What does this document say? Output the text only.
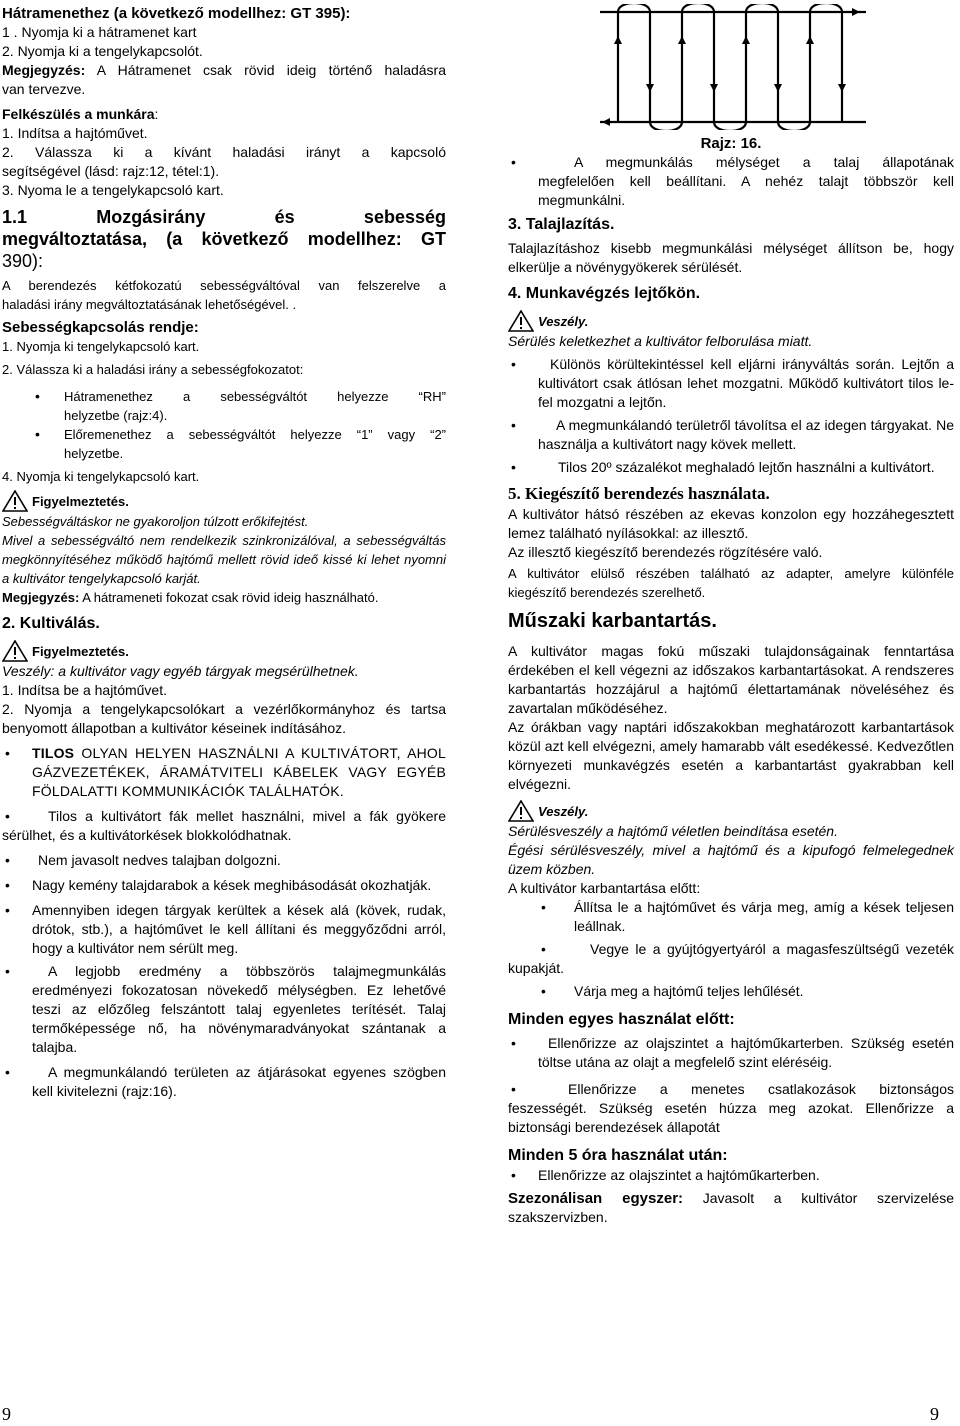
Hátramenethez (a következő modellhez: GT 395):

1 . Nyomja ki a hátramenet kart

2. Nyomja ki a tengelykapcsolót.

Megjegyzés: A Hátramenet csak rövid ideig történő haladásra

van tervezve.

Felkészülés a munkára:

1. Indítsa a hajtóművet.

2. Válassza ki a kívánt haladási irányt a kapcsoló

segítségével (lásd: rajz:12, tétel:1).

3. Nyoma le a tengelykapcsoló kart.

1.1 Mozgásirány és sebesség

megváltoztatása, (a következő modellhez: GT

390):

A berendezés kétfokozatú sebességváltóval van felszerelve a

haladási irány megváltoztatásának lehetőségével. .

Sebességkapcsolás rendje:

1. Nyomja ki tengelykapcsoló kart.

2. Válassza ki a haladási irány a sebességfokozatot:

• Hátramenethez a sebességváltót helyezze “RH”

helyzetbe (rajz:4).

• Előremenethez a sebességváltót helyezze “1” vagy “2”

helyzetbe.

4. Nyomja ki tengelykapcsoló kart.

Figyelmeztetés.

Sebességváltáskor ne gyakoroljon túlzott erőkifejtést.

Mivel a sebességváltó nem rendelkezik szinkronizálóval, a sebességváltás megkönnyítéséhez működő hajtómű mellett rövid ideő kissé ki lehet nyomni a kultivátor tengelykapcsoló karját.

Megjegyzés: A hátrameneti fokozat csak rövid ideig használható.

2. Kultiválás.

Figyelmeztetés.

Veszély: a kultivátor vagy egyéb tárgyak megsérülhetnek.

1. Indítsa be a hajtóművet.

2. Nyomja a tengelykapcsolókart a vezérlőkormányhoz és tartsa benyomott állapotban a kultivátor késeinek indításához.

• TILOS OLYAN HELYEN HASZNÁLNI A KULTIVÁTORT, AHOL GÁZVEZETÉKEK, ÁRAMÁTVITELI KÁBELEK VAGY EGYÉB FÖLDALATTI KOMMUNIKÁCIÓK TALÁLHATÓK.

•	Tilos a kultivátort fák mellet használni, mivel a fák gyökere sérülhet, és a kultivátorkések blokkolódhatnak.

•	Nem javasolt nedves talajban dolgozni.

• Nagy kemény talajdarabok a kések meghibásodását okozhatják.

• Amennyiben idegen tárgyak kerültek a kések alá (kövek, rudak, drótok, stb.), a hajtóművet le kell állítani és meggyőződni arról, hogy a kultivátor nem sérült meg.

•	A legjobb eredmény a többszörös talajmegmunkálás eredményezi fokozatosan növekedő mélységben. Ez lehetővé teszi az előzőleg felszántott talaj egyenletes terítését. Talaj termőképessége nő, ha növénymaradványokat szántanak a talajba.

•	A megmunkálandó területen az átjárásokat egyenes szögben kell kivitelezni (rajz:16).

Rajz: 16.

•	A megmunkálás mélységet a talaj állapotának

megfelelően kell beállítani. A nehéz talajt többször kell megmunkálni.

3. Talajlazítás.

Talajlazításhoz kisebb megmunkálási mélységet állítson be, hogy elkerülje a növénygyökerek sérülését.

4. Munkavégzés lejtőkön.

Veszély.

Sérülés keletkezhet a kultivátor felborulása miatt.

•	Különös körültekintéssel kell eljárni irányváltás során. Lejtőn a kultivátort csak átlósan lehet mozgatni. Működő kultivátort tilos le-fel mozgatni a lejtőn.

•	A megmunkálandó területről távolítsa el az idegen tárgyakat. Ne használja a kultivátort nagy kövek mellett.

•	Tilos 20º százalékot meghaladó lejtőn használni a kultivátort.

5. Kiegészítő berendezés használata.

A kultivátor hátsó részében az ekevas konzolon egy hozzáhegesztett lemez található nyílásokkal: az illesztő.

Az illesztő kiegészítő berendezés rögzítésére való.

A kultivátor elülső részében található az adapter, amelyre különféle kiegészítő berendezés szerelhető.

Műszaki karbantartás.

A kultivátor magas fokú műszaki tulajdonságainak fenntartása érdekében el kell végezni az időszakos karbantartásokat. A rendszeres karbantartás hozzájárul a hajtómű élettartamának növeléséhez és zavartalan működéséhez.

Az órákban vagy naptári időszakokban meghatározott karbantartások közül azt kell elvégezni, amely hamarabb vált esedékessé. Kedvezőtlen környezeti munkavégzés esetén a karbantartást gyakrabban kell elvégezni.

Veszély.

Sérülésveszély a hajtómű véletlen beindítása esetén.

Égési sérülésveszély, mivel a hajtómű és a kipufogó felmelegednek üzem közben.

A kultivátor karbantartása előtt:

•	Állítsa le a hajtóművet és várja meg, amíg a kések teljesen leállnak.

•	Vegye le a gyújtógyertyáról a magasfeszültségű vezeték kupakját.

•	Várja meg a hajtómű teljes lehűlését.

Minden egyes használat előtt:

•	Ellenőrizze az olajszintet a hajtóműkarterben. Szükség esetén töltse utána az olajt a megfelelő szint eléréséig.

•	Ellenőrizze a menetes csatlakozások biztonságos feszességét. Szükség esetén húzza meg azokat. Ellenőrizze a biztonsági berendezések állapotát

Minden 5 óra használat után:

• Ellenőrizze az olajszintet a hajtóműkarterben.

Szezonálisan egyszer: Javasolt a kultivátor szervizelése szakszervizben.

9	9
